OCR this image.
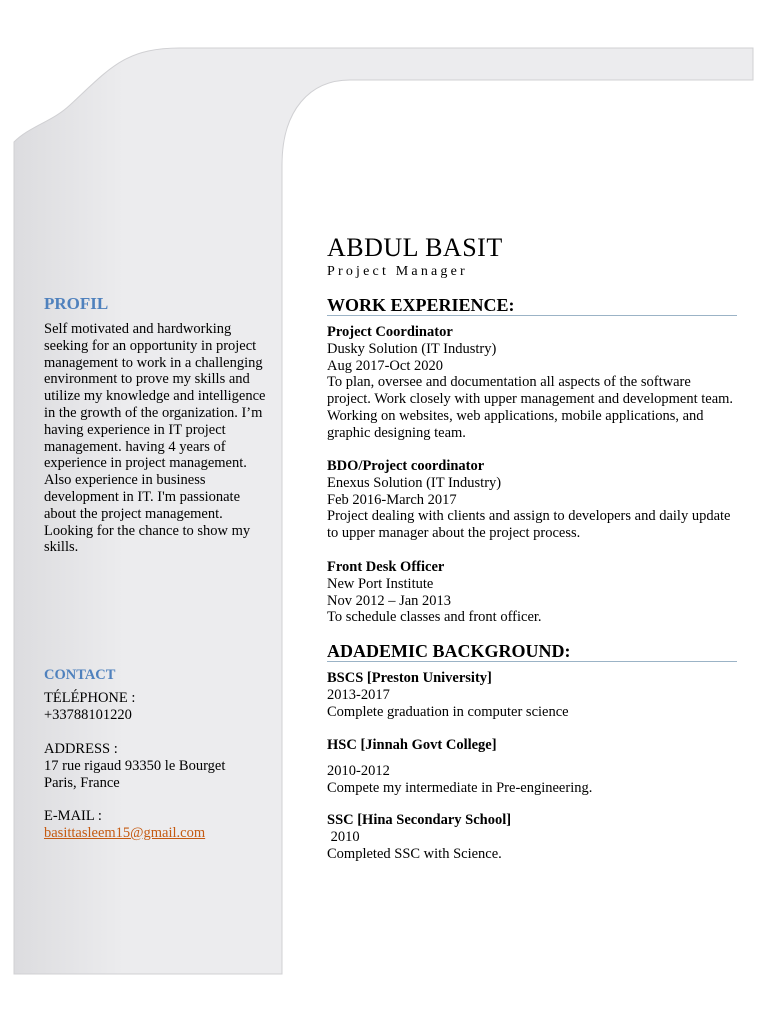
ABDUL BASIT
Project Manager
PROFIL
Self motivated and hardworking seeking for an opportunity in project management to work in a challenging environment to prove my skills and utilize my knowledge and intelligence in the growth of the organization. I’m having experience in IT project management. having 4 years of experience in project management. Also experience in business development in IT. I'm passionate about the project management. Looking for the chance to show my skills.
CONTACT
TÉLÉPHONE :
+33788101220
ADDRESS :
17 rue rigaud 93350 le Bourget
Paris, France
E-MAIL :
basittasleem15@gmail.com
WORK EXPERIENCE:
Project Coordinator
Dusky Solution (IT Industry)
Aug 2017-Oct 2020
To plan, oversee and documentation all aspects of the software project. Work closely with upper management and development team. Working on websites, web applications, mobile applications, and graphic designing team.
BDO/Project coordinator
Enexus Solution (IT Industry)
Feb 2016-March 2017
Project dealing with clients and assign to developers and daily update to upper manager about the project process.
Front Desk Officer
New Port Institute
Nov 2012 – Jan 2013
To schedule classes and front officer.
ADADEMIC BACKGROUND:
BSCS [Preston University]
2013-2017
Complete graduation in computer science
HSC [Jinnah Govt College]
2010-2012
Compete my intermediate in Pre-engineering.
SSC [Hina Secondary School]
2010
Completed SSC with Science.
